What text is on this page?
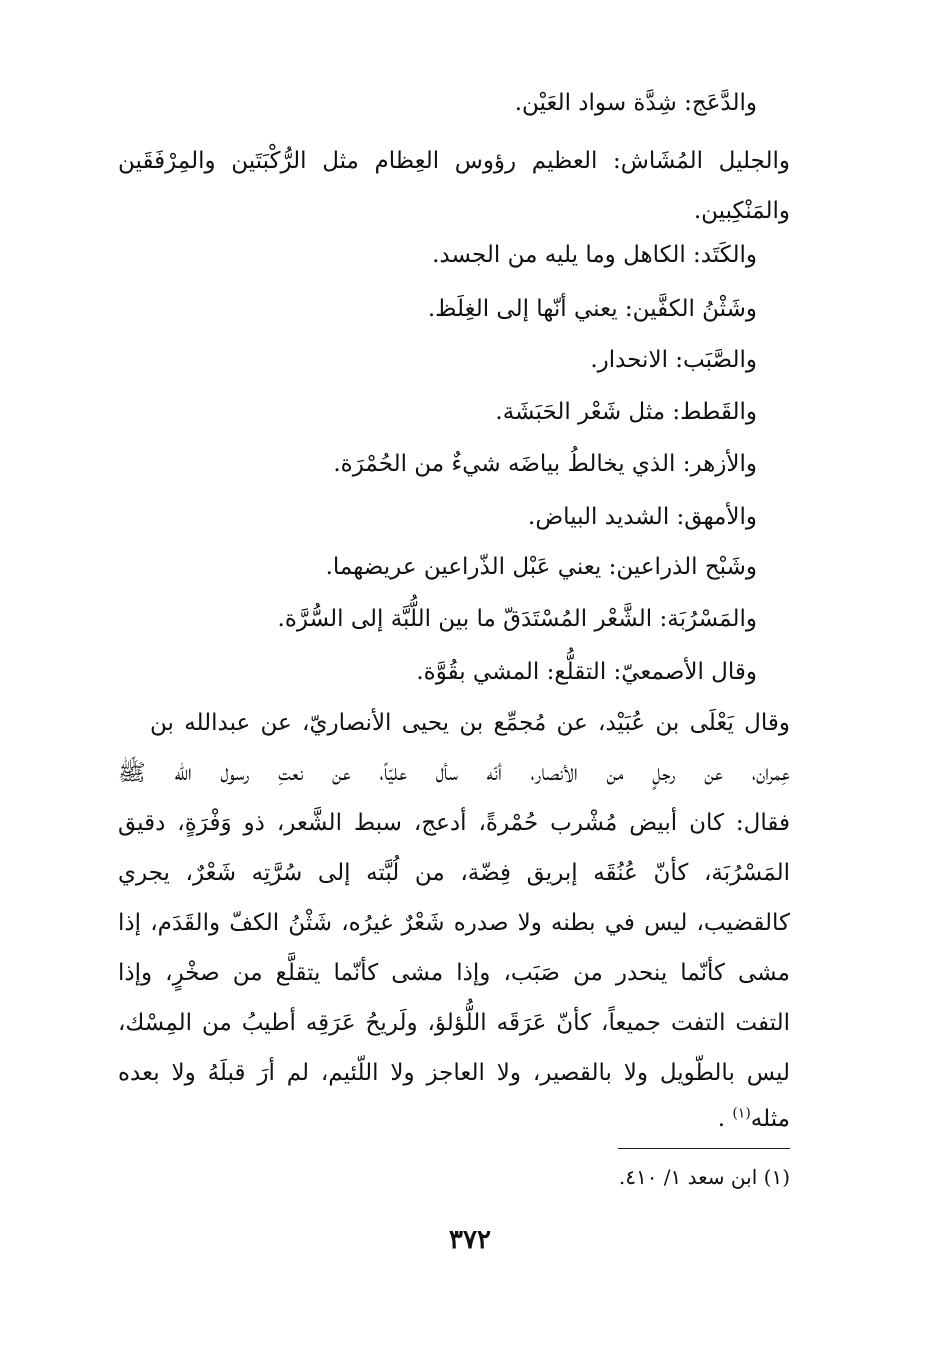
والدَّعَج: شِدَّة سواد العَيْن.
والجليل المُشَاش: العظيم رؤوس العِظام مثل الرُّكْبَتَين والمِرْفَقَين
والمَنْكِبين.
والكَتَد: الكاهل وما يليه من الجسد.
وشَثْنُ الكفَّين: يعني أنّها إلى الغِلَظ.
والصَّبَب: الانحدار.
والقَطط: مثل شَعْر الحَبَشَة.
والأزهر: الذي يخالطُ بياضَه شيءٌ من الحُمْرَة.
والأمهق: الشديد البياض.
وشَبْح الذراعين: يعني عَبْل الذّراعين عريضهما.
والمَسْرُبَة: الشَّعْر المُسْتَدَقّ ما بين اللُّبَّة إلى السُّرَّة.
وقال الأصمعيّ: التقلُّع: المشي بقُوَّة.
وقال يَعْلَى بن عُبَيْد، عن مُجمِّع بن يحيى الأنصاريّ، عن عبدالله بن
عِمران، عن رجلٍ من الأنصار، أنّه سأل عليّاً، عن نعتِ رسول الله ﷺ
فقال: كان أبيض مُشْرب حُمْرةً، أدعج، سبط الشَّعر، ذو وَفْرَةٍ، دقيق
المَسْرُبَة، كأنّ عُنُقَه إبريق فِضّة، من لُبَّته إلى سُرَّتِه شَعْرٌ، يجري
كالقضيب، ليس في بطنه ولا صدره شَعْرٌ غيرُه، شَثْنُ الكفّ والقَدَم، إذا
مشى كأنّما ينحدر من صَبَب، وإذا مشى كأنّما يتقلَّع من صخْرٍ، وإذا
التفت التفت جميعاً، كأنّ عَرَقَه اللُّؤلؤ، ولَريحُ عَرَقِه أطيبُ من المِسْك،
ليس بالطّويل ولا بالقصير، ولا العاجز ولا اللّئيم، لم أرَ قبلَهُ ولا بعده
مثله$^{(١)}$ .
(١) ابن سعد ١/ ٤١٠.
٣٧٢
